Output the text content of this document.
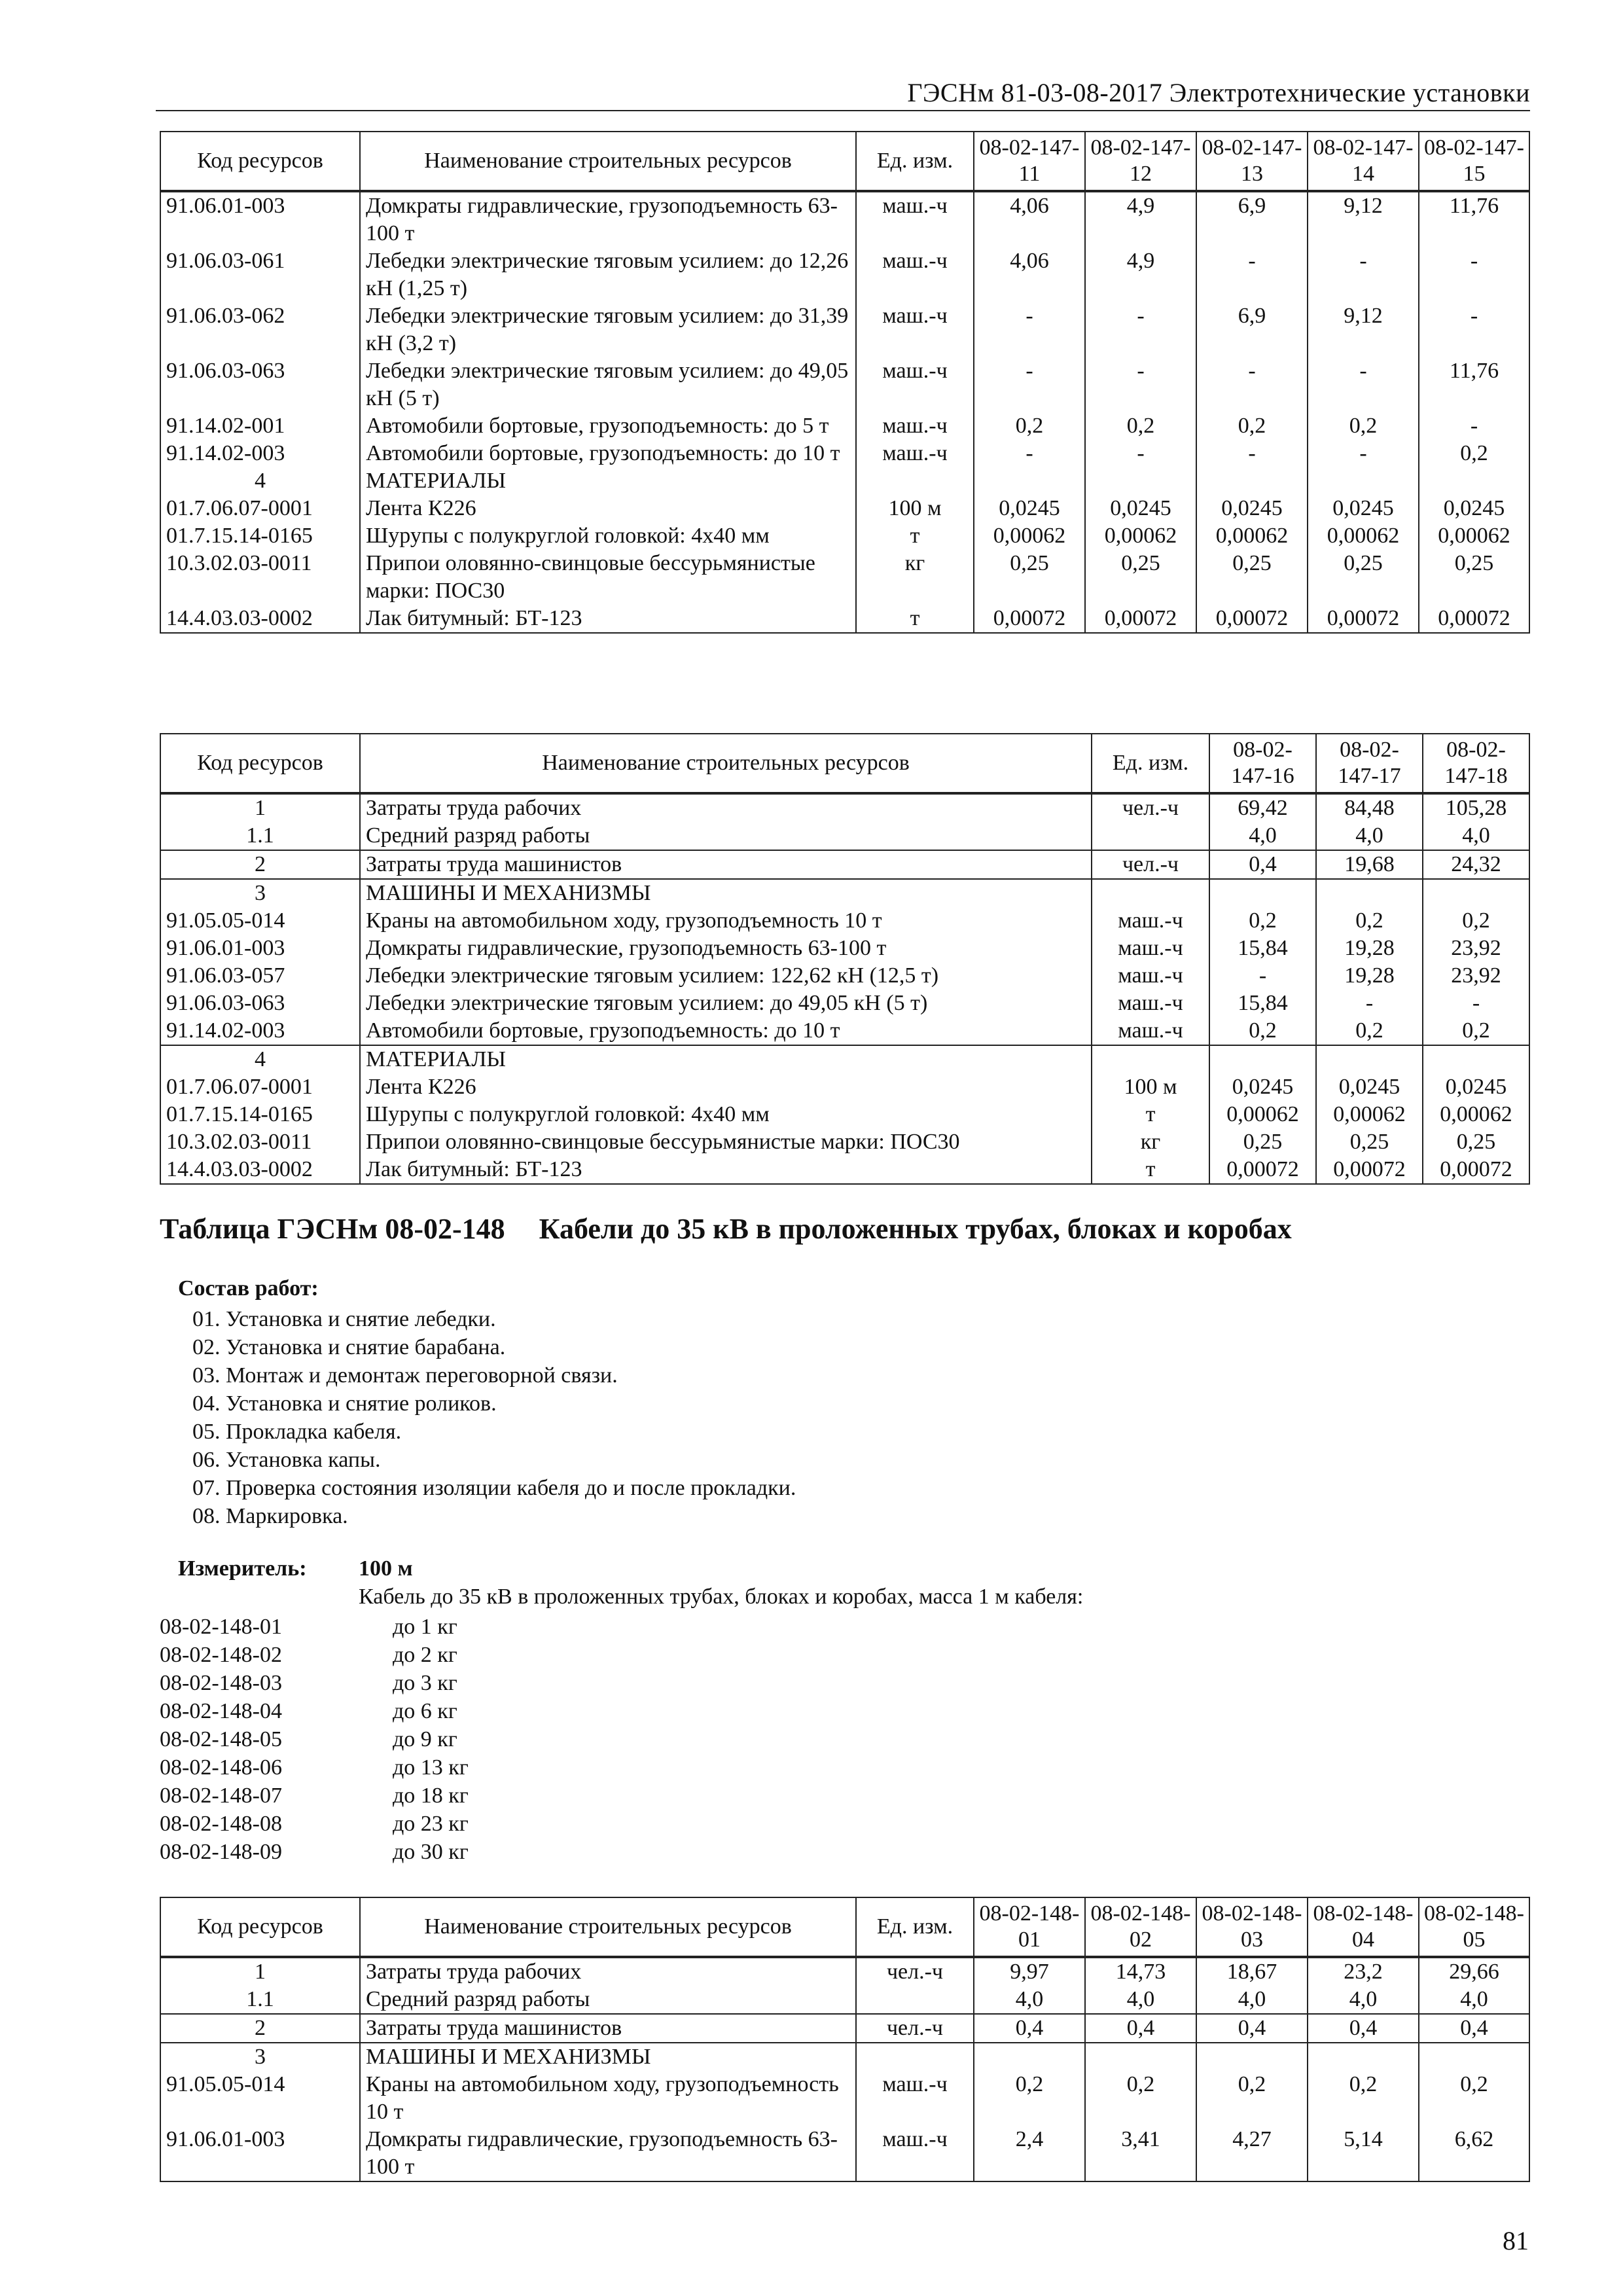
ГЭСНм 81-03-08-2017 Электротехнические установки
Код ресурсов	Наименование строительных ресурсов	Ед. изм.	08-02-147-11	08-02-147-12	08-02-147-13	08-02-147-14	08-02-147-15
91.06.01-003	Домкраты гидравлические, грузоподъемность 63-100 т	маш.-ч	4,06	4,9	6,9	9,12	11,76
91.06.03-061	Лебедки электрические тяговым усилием: до 12,26 кН (1,25 т)	маш.-ч	4,06	4,9	-	-	-
91.06.03-062	Лебедки электрические тяговым усилием: до 31,39 кН (3,2 т)	маш.-ч	-	-	6,9	9,12	-
91.06.03-063	Лебедки электрические тяговым усилием: до 49,05 кН (5 т)	маш.-ч	-	-	-	-	11,76
91.14.02-001	Автомобили бортовые, грузоподъемность: до 5 т	маш.-ч	0,2	0,2	0,2	0,2	-
91.14.02-003	Автомобили бортовые, грузоподъемность: до 10 т	маш.-ч	-	-	-	-	0,2
4	МАТЕРИАЛЫ						
01.7.06.07-0001	Лента К226	100 м	0,0245	0,0245	0,0245	0,0245	0,0245
01.7.15.14-0165	Шурупы с полукруглой головкой: 4х40 мм	т	0,00062	0,00062	0,00062	0,00062	0,00062
10.3.02.03-0011	Припои оловянно-свинцовые бессурьмянистые марки: ПОС30	кг	0,25	0,25	0,25	0,25	0,25
14.4.03.03-0002	Лак битумный: БТ-123	т	0,00072	0,00072	0,00072	0,00072	0,00072
Код ресурсов	Наименование строительных ресурсов	Ед. изм.	08-02-147-16	08-02-147-17	08-02-147-18
1	Затраты труда рабочих	чел.-ч	69,42	84,48	105,28
1.1	Средний разряд работы		4,0	4,0	4,0
2	Затраты труда машинистов	чел.-ч	0,4	19,68	24,32
3	МАШИНЫ И МЕХАНИЗМЫ				
91.05.05-014	Краны на автомобильном ходу, грузоподъемность 10 т	маш.-ч	0,2	0,2	0,2
91.06.01-003	Домкраты гидравлические, грузоподъемность 63-100 т	маш.-ч	15,84	19,28	23,92
91.06.03-057	Лебедки электрические тяговым усилием: 122,62 кН (12,5 т)	маш.-ч	-	19,28	23,92
91.06.03-063	Лебедки электрические тяговым усилием: до 49,05 кН (5 т)	маш.-ч	15,84	-	-
91.14.02-003	Автомобили бортовые, грузоподъемность: до 10 т	маш.-ч	0,2	0,2	0,2
4	МАТЕРИАЛЫ				
01.7.06.07-0001	Лента К226	100 м	0,0245	0,0245	0,0245
01.7.15.14-0165	Шурупы с полукруглой головкой: 4х40 мм	т	0,00062	0,00062	0,00062
10.3.02.03-0011	Припои оловянно-свинцовые бессурьмянистые марки: ПОС30	кг	0,25	0,25	0,25
14.4.03.03-0002	Лак битумный: БТ-123	т	0,00072	0,00072	0,00072
Таблица ГЭСНм 08-02-148 Кабели до 35 кВ в проложенных трубах, блоках и коробах
Состав работ:
01. Установка и снятие лебедки.
02. Установка и снятие барабана.
03. Монтаж и демонтаж переговорной связи.
04. Установка и снятие роликов.
05. Прокладка кабеля.
06. Установка капы.
07. Проверка состояния изоляции кабеля до и после прокладки.
08. Маркировка.
Измеритель: 100 м
Кабель до 35 кВ в проложенных трубах, блоках и коробах, масса 1 м кабеля:
08-02-148-01	до 1 кг
08-02-148-02	до 2 кг
08-02-148-03	до 3 кг
08-02-148-04	до 6 кг
08-02-148-05	до 9 кг
08-02-148-06	до 13 кг
08-02-148-07	до 18 кг
08-02-148-08	до 23 кг
08-02-148-09	до 30 кг
Код ресурсов	Наименование строительных ресурсов	Ед. изм.	08-02-148-01	08-02-148-02	08-02-148-03	08-02-148-04	08-02-148-05
1	Затраты труда рабочих	чел.-ч	9,97	14,73	18,67	23,2	29,66
1.1	Средний разряд работы		4,0	4,0	4,0	4,0	4,0
2	Затраты труда машинистов	чел.-ч	0,4	0,4	0,4	0,4	0,4
3	МАШИНЫ И МЕХАНИЗМЫ						
91.05.05-014	Краны на автомобильном ходу, грузоподъемность 10 т	маш.-ч	0,2	0,2	0,2	0,2	0,2
91.06.01-003	Домкраты гидравлические, грузоподъемность 63-100 т	маш.-ч	2,4	3,41	4,27	5,14	6,62
81
